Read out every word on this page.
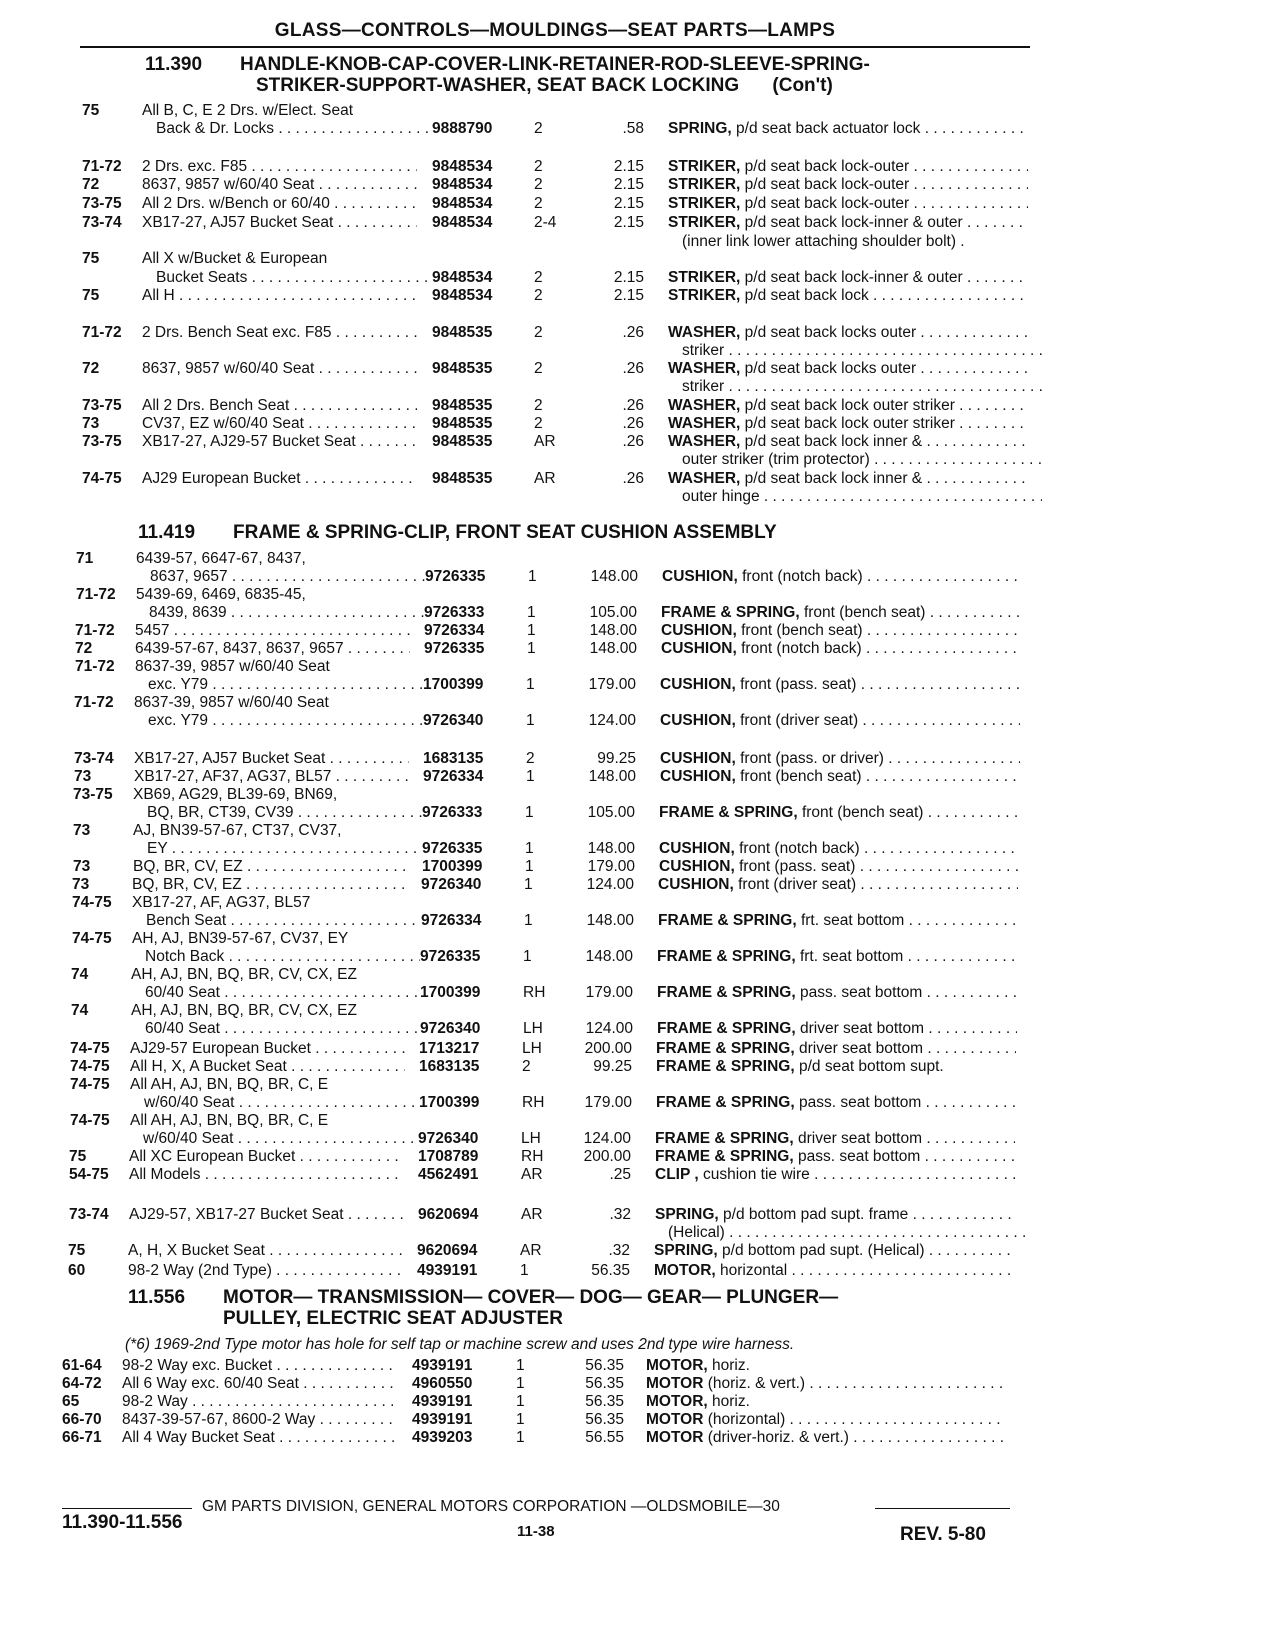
GLASS—CONTROLS—MOULDINGS—SEAT PARTS—LAMPS
11.390 HANDLE-KNOB-CAP-COVER-LINK-RETAINER-ROD-SLEEVE-SPRING-
STRIKER-SUPPORT-WASHER, SEAT BACK LOCKING (Con't)
11.419 FRAME & SPRING-CLIP, FRONT SEAT CUSHION ASSEMBLY
11.556 MOTOR— TRANSMISSION— COVER— DOG— GEAR— PLUNGER—
PULLEY, ELECTRIC SEAT ADJUSTER
(*6) 1969-2nd Type motor has hole for self tap or machine screw and uses 2nd type wire harness.
75	All B, C, E 2 Drs. w/Elect. Seat
Back & Dr. Locks . . .	9888790	2	.58 SPRING, p/d seat back actuator lock . . .
71-72 2 Drs. exc. F85 . . .	9848534	2	2.15 STRIKER, p/d seat back lock-outer . . .
72	8637, 9857 w/60/40 Seat . . .	9848534	2	2.15 STRIKER, p/d seat back lock-outer . . .
73-75 All 2 Drs. w/Bench or 60/40 . . .	9848534	2	2.15 STRIKER, p/d seat back lock-outer . . .
73-74 XB17-27, AJ57 Bucket Seat . . .	9848534	2-4	2.15 STRIKER, p/d seat back lock-inner & outer . . .
(inner link lower attaching shoulder bolt) .
75	All X w/Bucket & European
Bucket Seats . . .	9848534	2	2.15 STRIKER, p/d seat back lock-inner & outer . . .
75	All H . . .	9848534	2	2.15 STRIKER, p/d seat back lock . . .
71-72 2 Drs. Bench Seat exc. F85 . . .	9848535	2	.26 WASHER, p/d seat back locks outer . . .
striker . . .
72	8637, 9857 w/60/40 Seat . . .	9848535	2	.26 WASHER, p/d seat back locks outer . . .
striker . . .
73-75 All 2 Drs. Bench Seat . . .	9848535	2	.26 WASHER, p/d seat back lock outer striker . . .
73	CV37, EZ w/60/40 Seat . . .	9848535	2	.26 WASHER, p/d seat back lock outer striker . . .
73-75 XB17-27, AJ29-57 Bucket Seat . . .	9848535	AR	.26 WASHER, p/d seat back lock inner & . . .
outer striker (trim protector) . . .
74-75 AJ29 European Bucket . . .	9848535	AR	.26 WASHER, p/d seat back lock inner & . . .
outer hinge . . .
71	6439-57, 6647-67, 8437,
8637, 9657 . . .	9726335	1	148.00 CUSHION, front (notch back) . . .
71-72 5439-69, 6469, 6835-45,
8439, 8639 . . .	9726333	1	105.00 FRAME & SPRING, front (bench seat) . . .
71-72 5457 . . .	9726334	1	148.00 CUSHION, front (bench seat) . . .
72	6439-57-67, 8437, 8637, 9657 . . .	9726335	1	148.00 CUSHION, front (notch back) . . .
71-72 8637-39, 9857 w/60/40 Seat
exc. Y79 . . .	1700399	1	179.00 CUSHION, front (pass. seat) . . .
71-72 8637-39, 9857 w/60/40 Seat
exc. Y79 . . .	9726340	1	124.00 CUSHION, front (driver seat) . . .
73-74 XB17-27, AJ57 Bucket Seat . . .	1683135	2	99.25 CUSHION, front (pass. or driver) . . .
73	XB17-27, AF37, AG37, BL57 . . .	9726334	1	148.00 CUSHION, front (bench seat) . . .
73-75 XB69, AG29, BL39-69, BN69,
BQ, BR, CT39, CV39 . . .	9726333	1	105.00 FRAME & SPRING, front (bench seat) . . .
73	AJ, BN39-57-67, CT37, CV37,
EY . . .	9726335	1	148.00 CUSHION, front (notch back) . . .
73	BQ, BR, CV, EZ . . .	1700399	1	179.00 CUSHION, front (pass. seat) . . .
73	BQ, BR, CV, EZ . . .	9726340	1	124.00 CUSHION, front (driver seat) . . .
74-75 XB17-27, AF, AG37, BL57
Bench Seat . . .	9726334	1	148.00 FRAME & SPRING, frt. seat bottom . . .
74-75 AH, AJ, BN39-57-67, CV37, EY
Notch Back . . .	9726335	1	148.00 FRAME & SPRING, frt. seat bottom . . .
74	AH, AJ, BN, BQ, BR, CV, CX, EZ
60/40 Seat . . .	1700399	RH	179.00 FRAME & SPRING, pass. seat bottom . . .
74	AH, AJ, BN, BQ, BR, CV, CX, EZ
60/40 Seat . . .	9726340	LH	124.00 FRAME & SPRING, driver seat bottom . . .
74-75 AJ29-57 European Bucket . . .	1713217	LH	200.00 FRAME & SPRING, driver seat bottom . . .
74-75 All H, X, A Bucket Seat . . .	1683135	2	99.25 FRAME & SPRING, p/d seat bottom supt.
74-75 All AH, AJ, BN, BQ, BR, C, E
w/60/40 Seat . . .	1700399	RH	179.00 FRAME & SPRING, pass. seat bottom . . .
74-75 All AH, AJ, BN, BQ, BR, C, E
w/60/40 Seat . . .	9726340	LH	124.00 FRAME & SPRING, driver seat bottom . . .
75	All XC European Bucket . . .	1708789	RH	200.00 FRAME & SPRING, pass. seat bottom . . .
54-75 All Models . . .	4562491	AR	.25 CLIP , cushion tie wire . . .
73-74 AJ29-57, XB17-27 Bucket Seat . . .	9620694	AR	.32 SPRING, p/d bottom pad supt. frame . . .
(Helical) . . .
75	A, H, X Bucket Seat . . .	9620694	AR	.32 SPRING, p/d bottom pad supt. (Helical) . . .
60	98-2 Way (2nd Type) . . .	4939191	1	56.35 MOTOR, horizontal . . .
61-64 98-2 Way exc. Bucket . . .	4939191	1	56.35 MOTOR, horiz.
64-72 All 6 Way exc. 60/40 Seat . . .	4960550	1	56.35 MOTOR (horiz. & vert.) . . .
65	98-2 Way . . .	4939191	1	56.35 MOTOR, horiz.
66-70 8437-39-57-67, 8600-2 Way . . .	4939191	1	56.35 MOTOR (horizontal) . . .
66-71 All 4 Way Bucket Seat . . .	4939203	1	56.55 MOTOR (driver-horiz. & vert.) . . .
GM PARTS DIVISION, GENERAL MOTORS CORPORATION —OLDSMOBILE—30
11.390-11.556	11-38	REV. 5-80
